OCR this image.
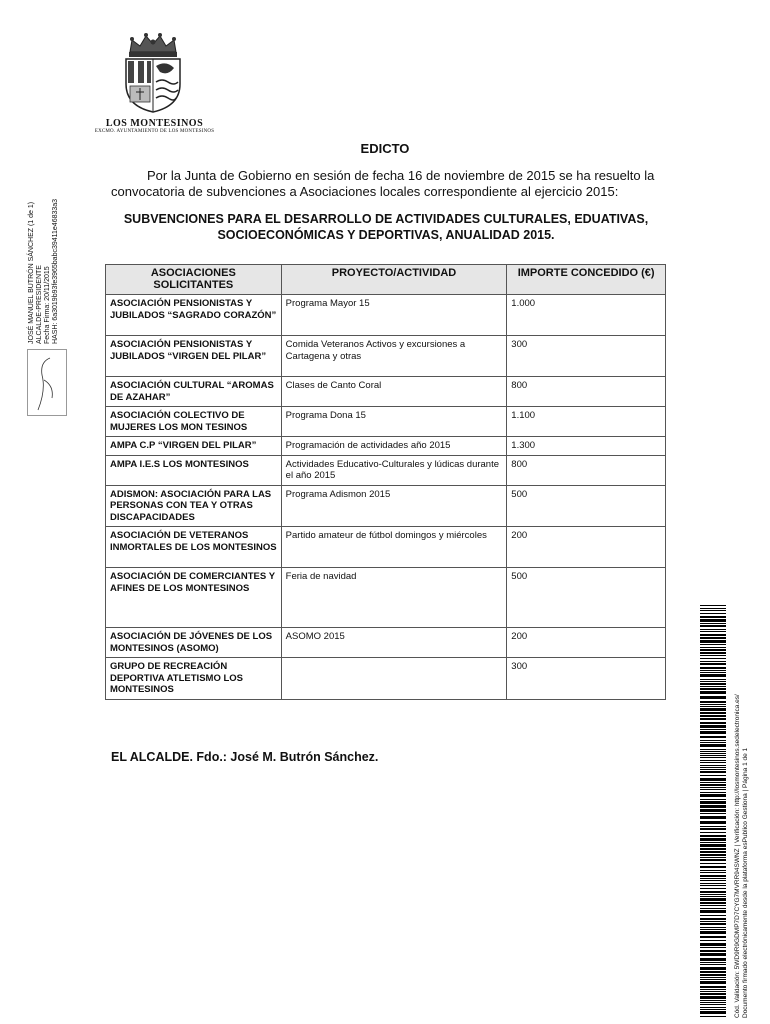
LOS MONTESINOS
EXCMO. AYUNTAMIENTO DE LOS MONTESINOS
JOSÉ MANUEL BUTRÓN SÁNCHEZ (1 de 1) ALCALDE-PRESIDENTE Fecha Firma: 20/11/2015 HASH: 6a3019b93fe3965babc39411e46833a3
EDICTO
Por la Junta de Gobierno en sesión de fecha 16 de noviembre de 2015 se ha resuelto la convocatoria de subvenciones a Asociaciones locales correspondiente al ejercicio 2015:
SUBVENCIONES PARA EL DESARROLLO DE ACTIVIDADES CULTURALES, EDUATIVAS,
SOCIOECONÓMICAS Y DEPORTIVAS, ANUALIDAD 2015.
ASOCIACIONES SOLICITANTES	PROYECTO/ACTIVIDAD	IMPORTE CONCEDIDO (€)
ASOCIACIÓN PENSIONISTAS Y JUBILADOS “SAGRADO CORAZÓN”	Programa Mayor 15	1.000
ASOCIACIÓN PENSIONISTAS Y JUBILADOS “VIRGEN DEL PILAR”	Comida Veteranos Activos y excursiones a Cartagena y otras	300
ASOCIACIÓN CULTURAL “AROMAS DE AZAHAR”	Clases de Canto Coral	800
ASOCIACIÓN COLECTIVO DE MUJERES LOS MON TESINOS	Programa Dona 15	1.100
AMPA C.P “VIRGEN DEL PILAR”	Programación de actividades año 2015	1.300
AMPA I.E.S LOS MONTESINOS	Actividades Educativo-Culturales y lúdicas durante el año 2015	800
ADISMON: ASOCIACIÓN PARA LAS PERSONAS CON TEA Y OTRAS DISCAPACIDADES	Programa Adismon 2015	500
ASOCIACIÓN DE VETERANOS INMORTALES DE LOS MONTESINOS	Partido amateur de fútbol domingos y miércoles	200
ASOCIACIÓN DE COMERCIANTES Y AFINES DE LOS MONTESINOS	Feria de navidad	500
ASOCIACIÓN DE JÓVENES DE LOS MONTESINOS (ASOMO)	ASOMO 2015	200
GRUPO DE RECREACIÓN DEPORTIVA ATLETISMO LOS MONTESINOS		300
EL ALCALDE. Fdo.: José M. Butrón Sánchez.	Cód. Validación: 5WD9R9GDMP7D7CYG7MVRR94SWNZ | Verificación: http://losmontesinos.sedelectronica.es/ Documento firmado electrónicamente desde la plataforma esPublico Gestiona | Página 1 de 1
